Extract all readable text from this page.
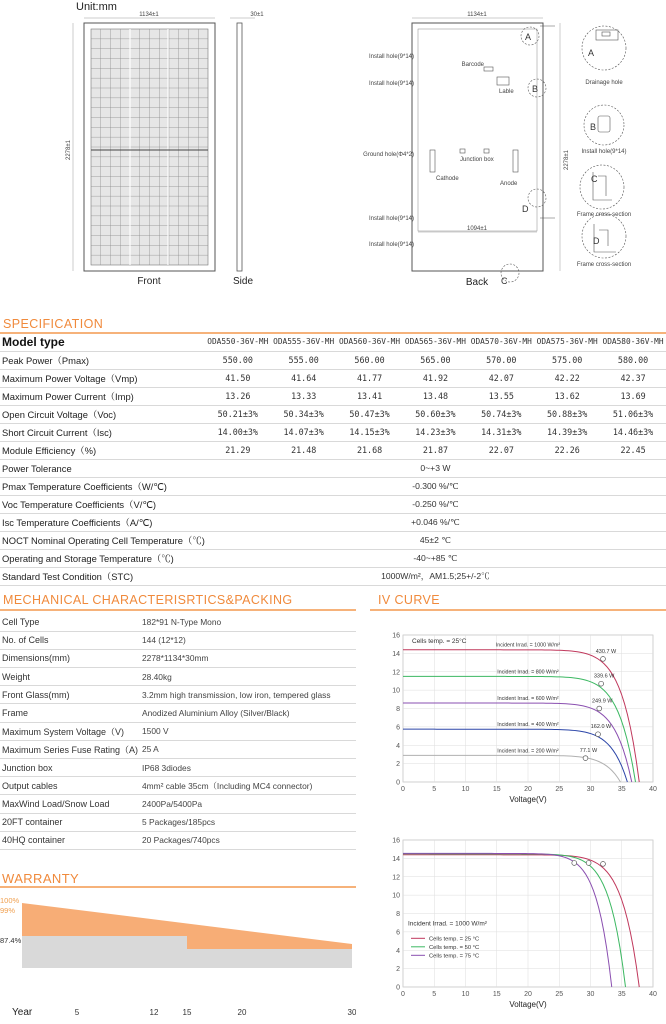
Unit:mm
1134±1
2278±1
Front
30±1
Side
1134±1
1094±1
2278±1
Install hole(9*14)
Install hole(9*14)
Ground hole(Φ4*2)
Install hole(9*14)
Install hole(9*14)
Barcode
Lable
Junction box
Cathode
Anode
A
B
D
C
Back
A
B
C
D
Drainage hole
Install hole(9*14)
Frame cross-section
Frame cross-section
SPECIFICATION
Model type	ODA550-36V-MH	ODA555-36V-MH	ODA560-36V-MH	ODA565-36V-MH	ODA570-36V-MH	ODA575-36V-MH	ODA580-36V-MH
Peak Power（Pmax)	550.00	555.00	560.00	565.00	570.00	575.00	580.00
Maximum Power Voltage（Vmp)	41.50	41.64	41.77	41.92	42.07	42.22	42.37
Maximum Power Current（Imp)	13.26	13.33	13.41	13.48	13.55	13.62	13.69
Open Circuit Voltage（Voc)	50.21±3%	50.34±3%	50.47±3%	50.60±3%	50.74±3%	50.88±3%	51.06±3%
Short Circuit Current（Isc)	14.00±3%	14.07±3%	14.15±3%	14.23±3%	14.31±3%	14.39±3%	14.46±3%
Module Efficiency（%)	21.29	21.48	21.68	21.87	22.07	22.26	22.45
Power Tolerance	0~+3 W						
Pmax Temperature Coefficients（W/℃)	-0.300 %/℃						
Voc Temperature Coefficients（V/℃)	-0.250 %/℃						
Isc Temperature Coefficients（A/℃)	+0.046 %/℃						
NOCT Nominal Operating Cell Temperature（℃)	45±2 ℃						
Operating and Storage Temperature（℃)	-40~+85 ℃						
Standard Test Condition（STC)	1000W/m²，AM1.5;25+/-2℃						
MECHANICAL CHARACTERISRTICS&PACKING
Cell Type	182*91 N-Type Mono
No. of Cells	144 (12*12)
Dimensions(mm)	2278*1134*30mm
Weight	28.40kg
Front Glass(mm)	3.2mm high transmission, low iron, tempered glass
Frame	Anodized Aluminium Alloy (Silver/Black)
Maximum System Voltage（V)	1500 V
Maximum Series Fuse Rating（A)	25 A
Junction box	IP68 3diodes
Output cables	4mm² cable 35cm（Including MC4 connector)
MaxWind Load/Snow Load	2400Pa/5400Pa
20FT container	5 Packages/185pcs
40HQ container	20 Packages/740pcs
WARRANTY
100%
99%
87.4%
Year	5	12	15	20	30
IV CURVE
0
2
4
6
8
10
12
14
16
0	5	10	15	20	25	30	35	40
Voltage(V)
Incident Irrad. = 1000 W/m²
430.7 W
Incident Irrad. = 800 W/m²
339.6 W
Incident Irrad. = 600 W/m²	249.9 W
Incident Irrad. = 400 W/m²	162.0 W
Incident Irrad. = 200 W/m²	77.1 W
Cells temp. = 25°C
0
2
4
6
8
10
12
14
16
0	5	10	15	20	25	30	35	40
Voltage(V)
Incident Irrad. = 1000 W/m²
Cells temp. = 25 °C
Cells temp. = 50 °C
Cells temp. = 75 °C
